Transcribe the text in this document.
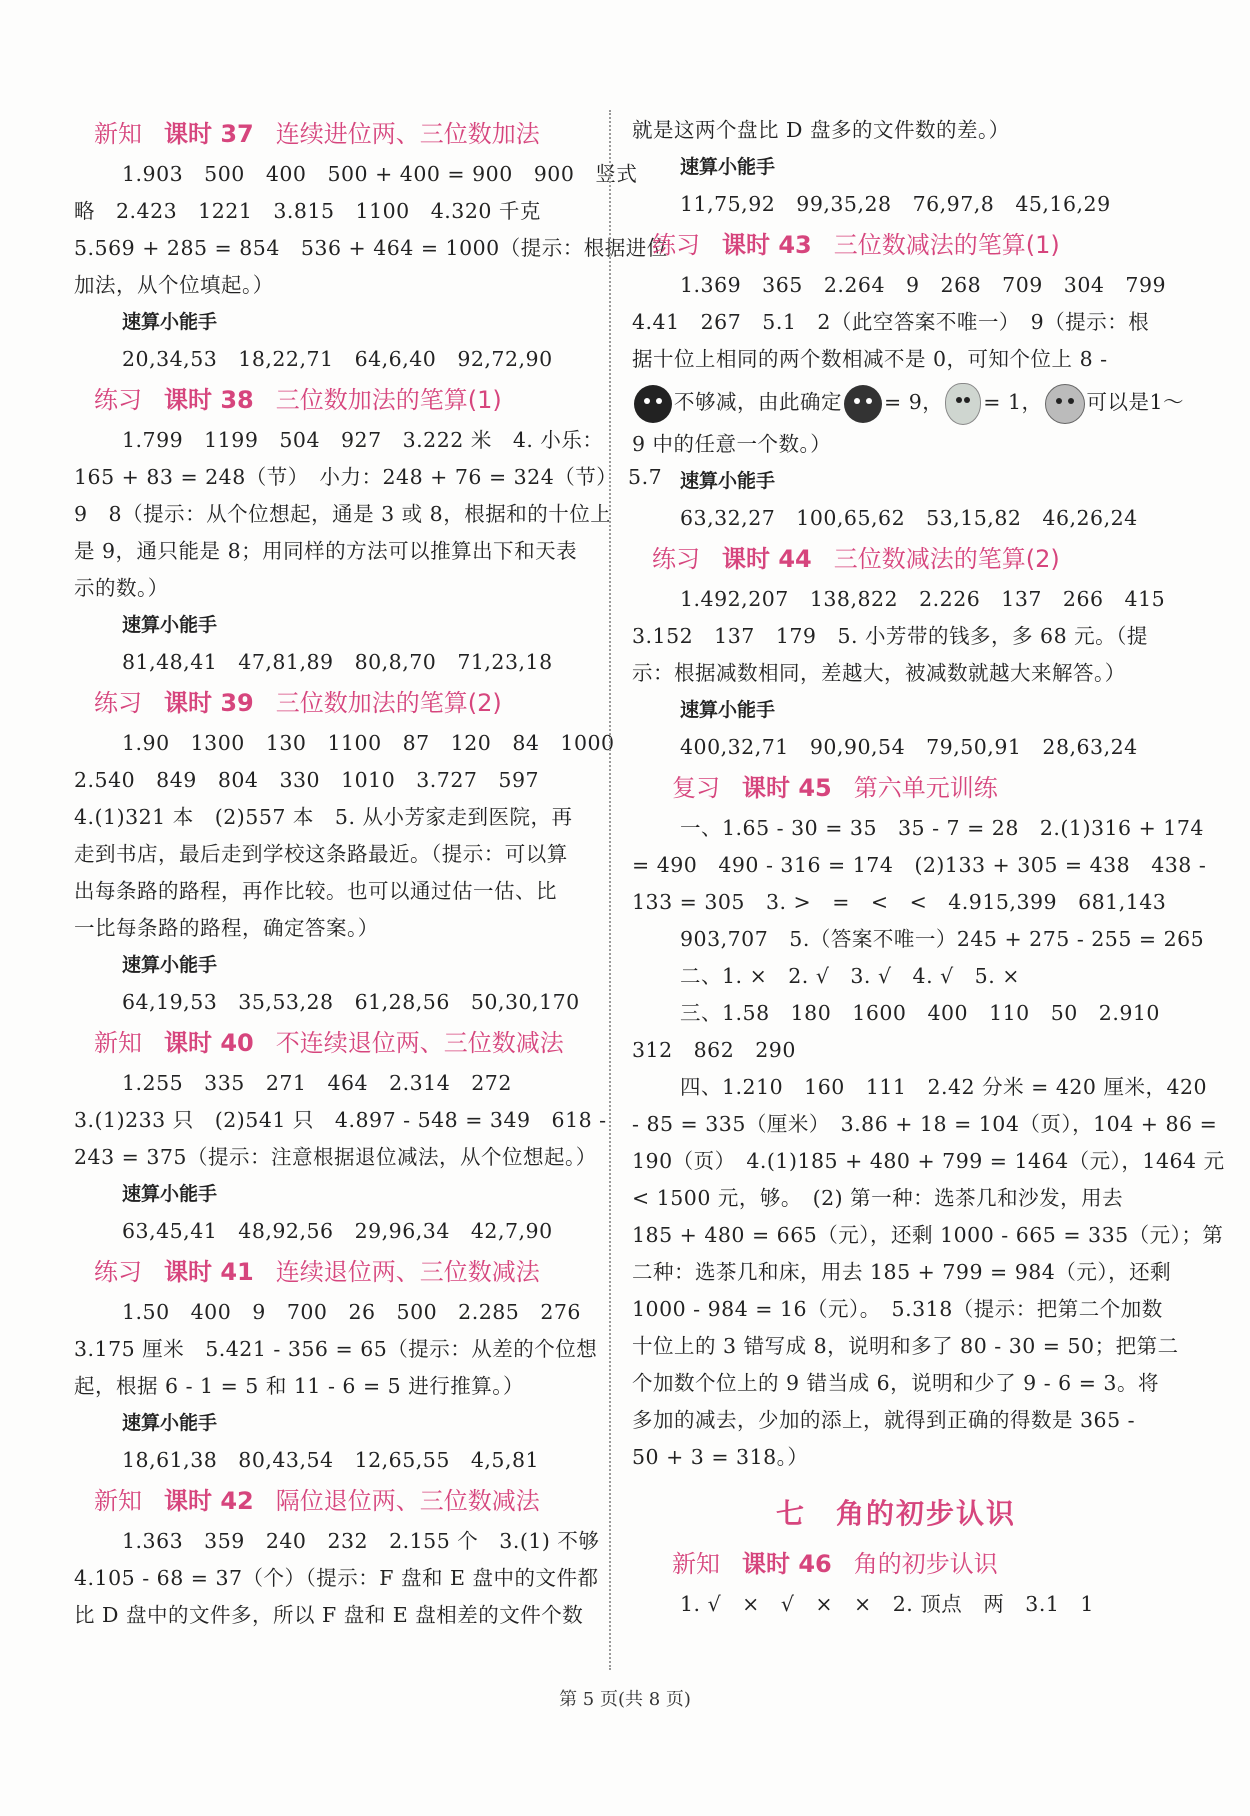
新知 课时 37 连续进位两、三位数加法
1.903　500　400　500 + 400 = 900　900　竖式
略　2.423　1221　3.815　1100　4.320 千克
5.569 + 285 = 854　536 + 464 = 1000（提示：根据进位
加法，从个位填起。）
速算小能手
20,34,53　18,22,71　64,6,40　92,72,90
练习 课时 38 三位数加法的笔算(1)
1.799　1199　504　927　3.222 米　4. 小乐：
165 + 83 = 248（节）　小力：248 + 76 = 324（节）　5.7
9　8（提示：从个位想起，通是 3 或 8，根据和的十位上
是 9，通只能是 8；用同样的方法可以推算出下和天表
示的数。）
速算小能手
81,48,41　47,81,89　80,8,70　71,23,18
练习 课时 39 三位数加法的笔算(2)
1.90　1300　130　1100　87　120　84　1000
2.540　849　804　330　1010　3.727　597
4.(1)321 本　(2)557 本　5. 从小芳家走到医院，再
走到书店，最后走到学校这条路最近。（提示：可以算
出每条路的路程，再作比较。也可以通过估一估、比
一比每条路的路程，确定答案。）
速算小能手
64,19,53　35,53,28　61,28,56　50,30,170
新知 课时 40 不连续退位两、三位数减法
1.255　335　271　464　2.314　272
3.(1)233 只　(2)541 只　4.897 - 548 = 349　618 -
243 = 375（提示：注意根据退位减法，从个位想起。）
速算小能手
63,45,41　48,92,56　29,96,34　42,7,90
练习 课时 41 连续退位两、三位数减法
1.50　400　9　700　26　500　2.285　276
3.175 厘米　5.421 - 356 = 65（提示：从差的个位想
起，根据 6 - 1 = 5 和 11 - 6 = 5 进行推算。）
速算小能手
18,61,38　80,43,54　12,65,55　4,5,81
新知 课时 42 隔位退位两、三位数减法
1.363　359　240　232　2.155 个　3.(1) 不够
4.105 - 68 = 37（个）（提示：F 盘和 E 盘中的文件都
比 D 盘中的文件多，所以 F 盘和 E 盘相差的文件个数
就是这两个盘比 D 盘多的文件数的差。）
速算小能手
11,75,92　99,35,28　76,97,8　45,16,29
练习 课时 43 三位数减法的笔算(1)
1.369　365　2.264　9　268　709　304　799
4.41　267　5.1　2（此空答案不唯一）　9（提示：根
据十位上相同的两个数相减不是 0，可知个位上 8 -
不够减，由此确定 = 9， = 1， 可以是1～
9 中的任意一个数。）
速算小能手
63,32,27　100,65,62　53,15,82　46,26,24
练习 课时 44 三位数减法的笔算(2)
1.492,207　138,822　2.226　137　266　415
3.152　137　179　5. 小芳带的钱多，多 68 元。（提
示：根据减数相同，差越大，被减数就越大来解答。）
速算小能手
400,32,71　90,90,54　79,50,91　28,63,24
复习 课时 45 第六单元训练
一、1.65 - 30 = 35　35 - 7 = 28　2.(1)316 + 174
= 490　490 - 316 = 174　(2)133 + 305 = 438　438 -
133 = 305　3. >　=　<　<　4.915,399　681,143
903,707　5.（答案不唯一）245 + 275 - 255 = 265
二、1. ×　2. √　3. √　4. √　5. ×
三、1.58　180　1600　400　110　50　2.910
312　862　290
四、1.210　160　111　2.42 分米 = 420 厘米，420
- 85 = 335（厘米）　3.86 + 18 = 104（页），104 + 86 =
190（页）　4.(1)185 + 480 + 799 = 1464（元），1464 元
< 1500 元，够。　(2) 第一种：选茶几和沙发，用去
185 + 480 = 665（元），还剩 1000 - 665 = 335（元）；第
二种：选茶几和床，用去 185 + 799 = 984（元），还剩
1000 - 984 = 16（元）。　5.318（提示：把第二个加数
十位上的 3 错写成 8，说明和多了 80 - 30 = 50；把第二
个加数个位上的 9 错当成 6，说明和少了 9 - 6 = 3。将
多加的减去，少加的添上，就得到正确的得数是 365 -
50 + 3 = 318。）
七　角的初步认识
新知 课时 46 角的初步认识
1. √　×　√　×　×　2. 顶点　两　3.1　1
第 5 页(共 8 页)
